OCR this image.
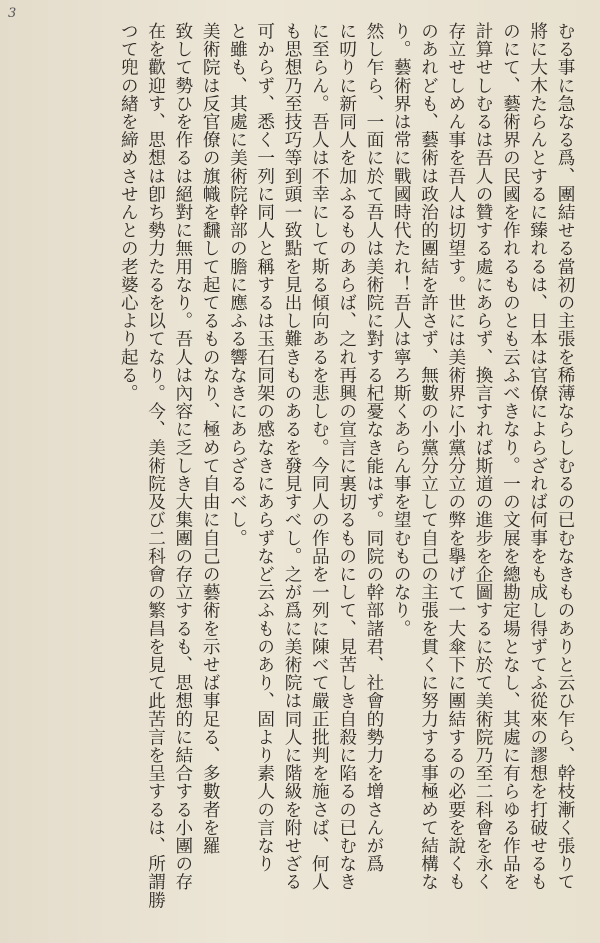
3

むる事に急なる爲、團結せる當初の主張を稀薄ならしむるの已むなきものありと云ひ乍ら、幹枝漸く張りて

將に大木たらんとするに臻れるは、日本は官僚によらざれば何事をも成し得ずてふ從來の謬想を打破せるも

のにて、藝術界の民國を作れるものとも云ふべきなり。一の文展を總勘定場となし、其處に有らゆる作品を

計算せしむるは吾人の贊する處にあらず、換言すれば斯道の進步を企圖するに於て美術院乃至二科會を永く

存立せしめん事を吾人は切望す。世には美術界に小黨分立の弊を擧げて一大傘下に團結するの必要を說くも

のあれども、藝術は政治的團結を許さず、無數の小黨分立して自己の主張を貫くに努力する事極めて結構な

り。藝術界は常に戰國時代たれ！吾人は寧ろ斯くあらん事を望むものなり。

然し乍ら、一面に於て吾人は美術院に對する杞憂なき能はず。同院の幹部諸君、社會的勢力を增さんが爲

に叨りに新同人を加ふるものあらば、之れ再興の宣言に裏切るものにして、見苦しき自殺に陷るの已むなき

に至らん。吾人は不幸にして斯る傾向あるを悲しむ。今同人の作品を一列に陳べて嚴正批判を施さば、何人

も思想乃至技巧等到頭一致點を見出し難きものあるを發見すべし。之が爲に美術院は同人に階級を附せざる

可からず、悉く一列に同人と稱するは玉石同架の感なきにあらずなど云ふものあり、固より素人の言なり

と雖も、其處に美術院幹部の膽に應ふる響なきにあらざるべし。

美術院は反官僚の旗幟を飜して起てるものなり、極めて自由に自己の藝術を示せば事足る、多數者を羅

致して勢ひを作るは絕對に無用なり。吾人は內容に乏しき大集團の存立するも、思想的に結合する小團の存

在を歡迎す、思想は卽ち勢力たるを以てなり。今、美術院及び二科會の繁昌を見て此苦言を呈するは、所謂勝

つて兜の緖を締めさせんとの老婆心より起る。
